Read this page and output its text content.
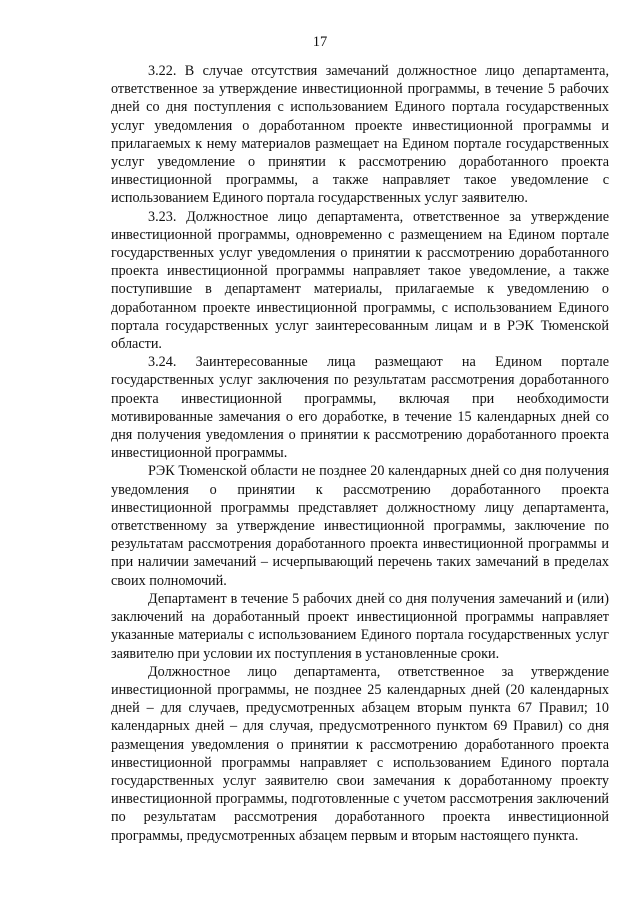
17

3.22. В случае отсутствия замечаний должностное лицо департамента, ответственное за утверждение инвестиционной программы, в течение 5 рабочих дней со дня поступления с использованием Единого портала государственных услуг уведомления о доработанном проекте инвестиционной программы и прилагаемых к нему материалов размещает на Едином портале государственных услуг уведомление о принятии к рассмотрению доработанного проекта инвестиционной программы, а также направляет такое уведомление с использованием Единого портала государственных услуг заявителю.

3.23. Должностное лицо департамента, ответственное за утверждение инвестиционной программы, одновременно с размещением на Едином портале государственных услуг уведомления о принятии к рассмотрению доработанного проекта инвестиционной программы направляет такое уведомление, а также поступившие в департамент материалы, прилагаемые к уведомлению о доработанном проекте инвестиционной программы, с использованием Единого портала государственных услуг заинтересованным лицам и в РЭК Тюменской области.

3.24. Заинтересованные лица размещают на Едином портале государственных услуг заключения по результатам рассмотрения доработанного проекта инвестиционной программы, включая при необходимости мотивированные замечания о его доработке, в течение 15 календарных дней со дня получения уведомления о принятии к рассмотрению доработанного проекта инвестиционной программы.

РЭК Тюменской области не позднее 20 календарных дней со дня получения уведомления о принятии к рассмотрению доработанного проекта инвестиционной программы представляет должностному лицу департамента, ответственному за утверждение инвестиционной программы, заключение по результатам рассмотрения доработанного проекта инвестиционной программы и при наличии замечаний – исчерпывающий перечень таких замечаний в пределах своих полномочий.

Департамент в течение 5 рабочих дней со дня получения замечаний и (или) заключений на доработанный проект инвестиционной программы направляет указанные материалы с использованием Единого портала государственных услуг заявителю при условии их поступления в установленные сроки.

Должностное лицо департамента, ответственное за утверждение инвестиционной программы, не позднее 25 календарных дней (20 календарных дней – для случаев, предусмотренных абзацем вторым пункта 67 Правил; 10 календарных дней – для случая, предусмотренного пунктом 69 Правил) со дня размещения уведомления о принятии к рассмотрению доработанного проекта инвестиционной программы направляет с использованием Единого портала государственных услуг заявителю свои замечания к доработанному проекту инвестиционной программы, подготовленные с учетом рассмотрения заключений по результатам рассмотрения доработанного проекта инвестиционной программы, предусмотренных абзацем первым и вторым настоящего пункта.
